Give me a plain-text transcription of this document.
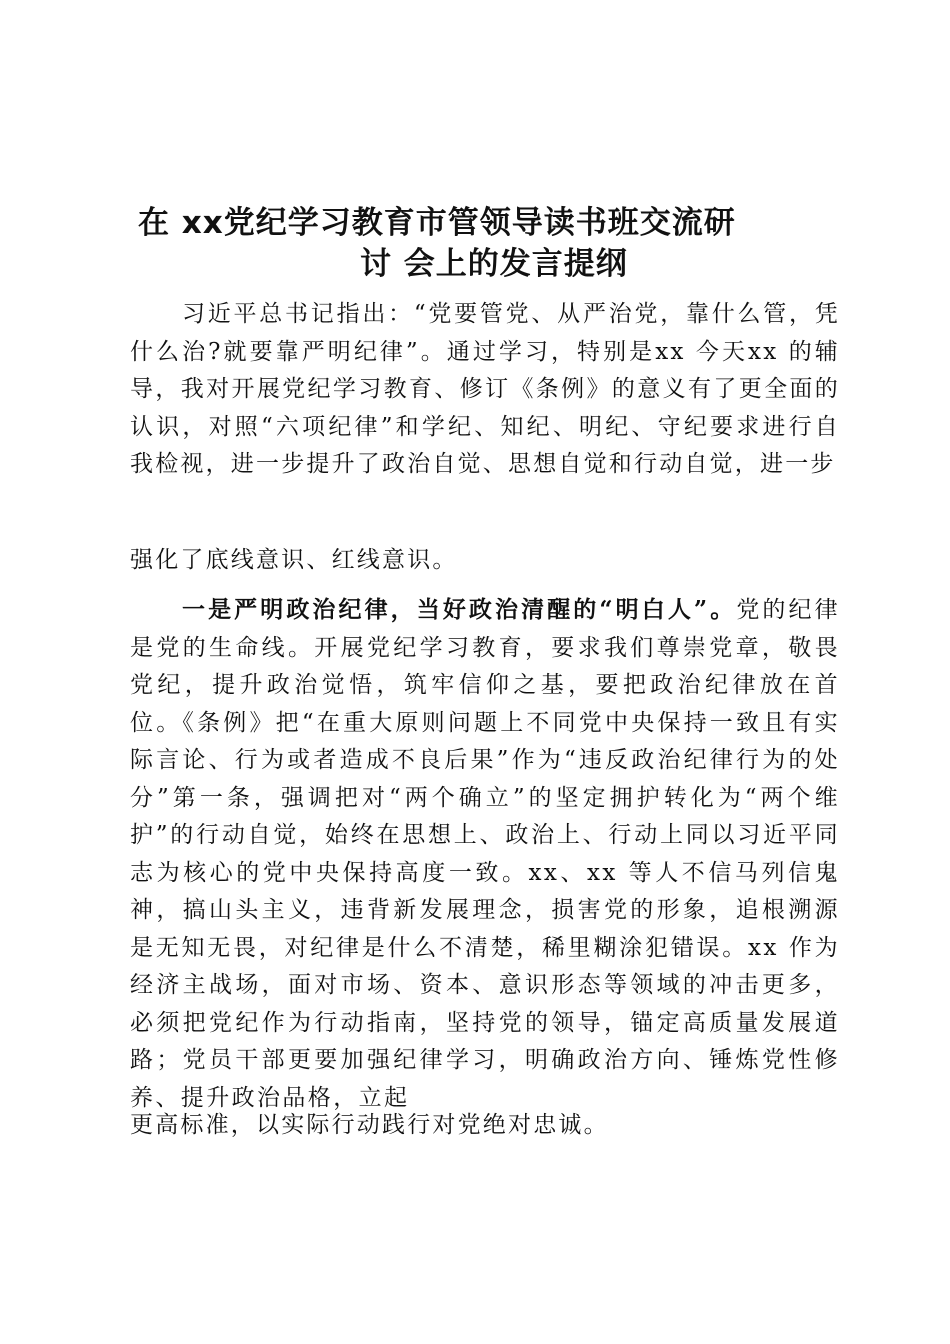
在 xx党纪学习教育市管领导读书班交流研
讨 会上的发言提纲
习近平总书记指出：“党要管党、从严治党，靠什么管，凭什么治?就要靠严明纪律”。通过学习，特别是xx 今天xx 的辅 导，我对开展党纪学习教育、修订《条例》的意义有了更全面的 认识，对照“六项纪律”和学纪、知纪、明纪、守纪要求进行自 我检视，进一步提升了政治自觉、思想自觉和行动自觉，进一步
强化了底线意识、红线意识。
一是严明政治纪律，当好政治清醒的“明白人”。党的纪律是党的生命线。开展党纪学习教育，要求我们尊崇党章，敬畏党纪，提升政治觉悟，筑牢信仰之基，要把政治纪律放在首位。《条例》把“在重大原则问题上不同党中央保持一致且有实际言论、行为或者造成不良后果”作为“违反政治纪律行为的处分”第一条，强调把对“两个确立”的坚定拥护转化为“两个维护”的行动自觉，始终在思想上、政治上、行动上同以习近平同志为核心的党中央保持高度一致。xx、xx 等人不信马列信鬼神，搞山头主义，违背新发展理念，损害党的形象，追根溯源是无知无畏，对纪律是什么不清楚，稀里糊涂犯错误。xx 作为经济主战场，面对市场、资本、意识形态等领域的冲击更多，必须把党纪作为行动指南，坚持党的领导，锚定高质量发展道路；党员干部更要加强纪律学习，明确政治方向、锤炼党性修养、提升政治品格，立起
更高标准，以实际行动践行对党绝对忠诚。
